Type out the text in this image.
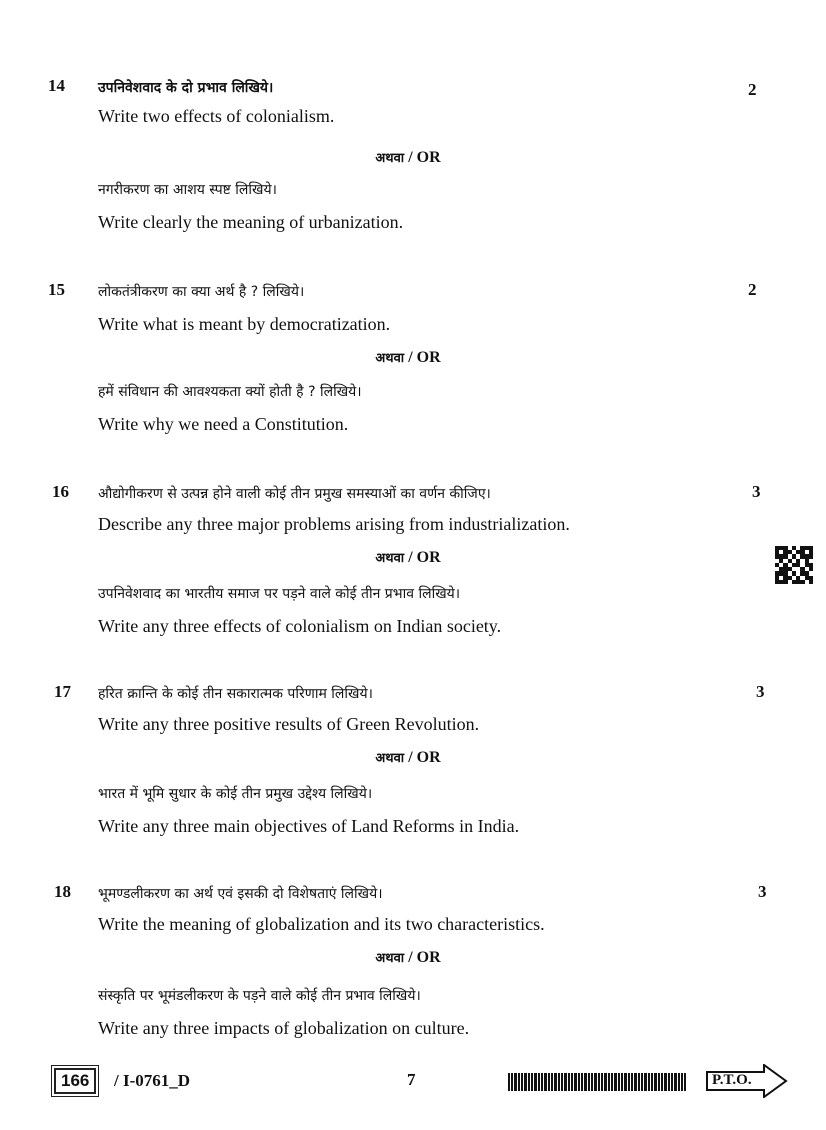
14	2
उपनिवेशवाद के दो प्रभाव लिखिये।
Write two effects of colonialism.
अथवा / OR
नगरीकरण का आशय स्पष्ट लिखिये।
Write clearly the meaning of urbanization.
15	2
लोकतंत्रीकरण का क्या अर्थ है ? लिखिये।
Write what is meant by democratization.
अथवा / OR
हमें संविधान की आवश्यकता क्यों होती है ? लिखिये।
Write why we need a Constitution.
16	3
औद्योगीकरण से उत्पन्न होने वाली कोई तीन प्रमुख समस्याओं का वर्णन कीजिए।
Describe any three major problems arising from industrialization.
अथवा / OR
उपनिवेशवाद का भारतीय समाज पर पड़ने वाले कोई तीन प्रभाव लिखिये।
Write any three effects of colonialism on Indian society.
17	3
हरित क्रान्ति के कोई तीन सकारात्मक परिणाम लिखिये।
Write any three positive results of Green Revolution.
अथवा / OR
भारत में भूमि सुधार के कोई तीन प्रमुख उद्देश्य लिखिये।
Write any three main objectives of Land Reforms in India.
18	3
भूमण्डलीकरण का अर्थ एवं इसकी दो विशेषताएं लिखिये।
Write the meaning of globalization and its two characteristics.
अथवा / OR
संस्कृति पर भूमंडलीकरण के पड़ने वाले कोई तीन प्रभाव लिखिये।
Write any three impacts of globalization on culture.
166	/ I-0761_D	7	P.T.O.
